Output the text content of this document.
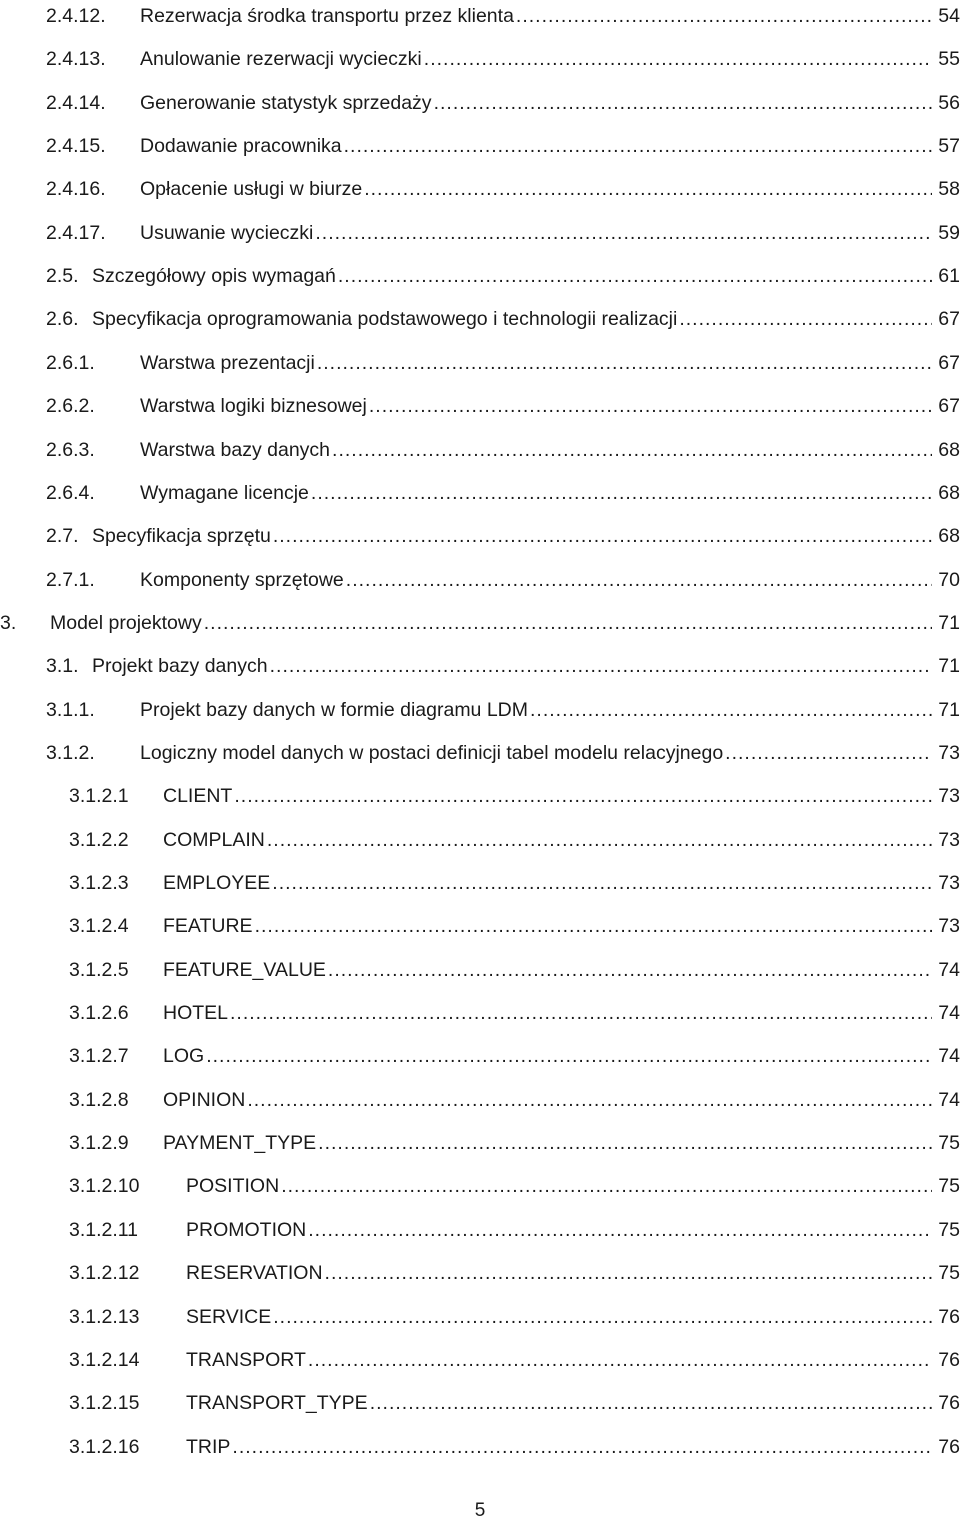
2.4.12. Rezerwacja środka transportu przez klienta .....	54
2.4.13. Anulowanie rezerwacji wycieczki .....	55
2.4.14. Generowanie statystyk sprzedaży .....	56
2.4.15. Dodawanie pracownika .....	57
2.4.16. Opłacenie usługi w biurze .....	58
2.4.17. Usuwanie wycieczki .....	59
2.5. Szczegółowy opis wymagań .....	61
2.6. Specyfikacja oprogramowania podstawowego i technologii realizacji .....	67
2.6.1. Warstwa prezentacji .....	67
2.6.2. Warstwa logiki biznesowej .....	67
2.6.3. Warstwa bazy danych .....	68
2.6.4. Wymagane licencje .....	68
2.7. Specyfikacja sprzętu .....	68
2.7.1. Komponenty sprzętowe .....	70
3. Model projektowy .....	71
3.1. Projekt bazy danych .....	71
3.1.1. Projekt bazy danych w formie diagramu LDM .....	71
3.1.2. Logiczny model danych w postaci definicji tabel modelu relacyjnego .....	73
3.1.2.1 CLIENT .....	73
3.1.2.2 COMPLAIN .....	73
3.1.2.3 EMPLOYEE .....	73
3.1.2.4 FEATURE .....	73
3.1.2.5 FEATURE_VALUE .....	74
3.1.2.6 HOTEL .....	74
3.1.2.7 LOG .....	74
3.1.2.8 OPINION .....	74
3.1.2.9 PAYMENT_TYPE .....	75
3.1.2.10 POSITION .....	75
3.1.2.11 PROMOTION .....	75
3.1.2.12 RESERVATION .....	75
3.1.2.13 SERVICE .....	76
3.1.2.14 TRANSPORT .....	76
3.1.2.15 TRANSPORT_TYPE .....	76
3.1.2.16 TRIP .....	76
5
